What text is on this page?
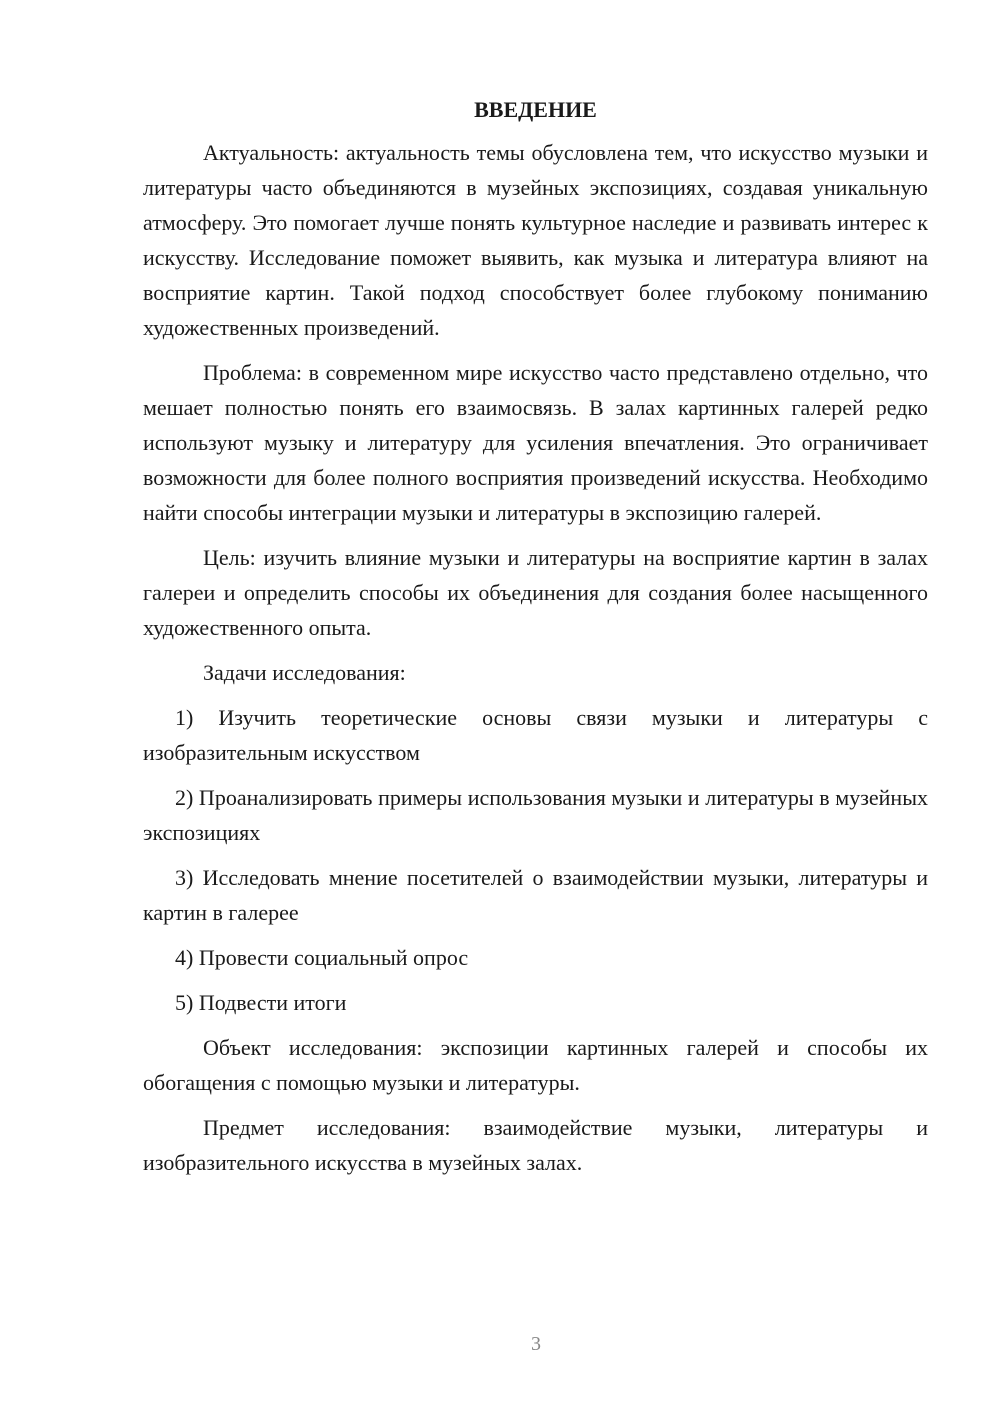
ВВЕДЕНИЕ

Актуальность: актуальность темы обусловлена тем, что искусство музыки и литературы часто объединяются в музейных экспозициях, создавая уникальную атмосферу. Это помогает лучше понять культурное наследие и развивать интерес к искусству. Исследование поможет выявить, как музыка и литература влияют на восприятие картин. Такой подход способствует более глубокому пониманию художественных произведений.

Проблема: в современном мире искусство часто представлено отдельно, что мешает полностью понять его взаимосвязь. В залах картинных галерей редко используют музыку и литературу для усиления впечатления. Это ограничивает возможности для более полного восприятия произведений искусства. Необходимо найти способы интеграции музыки и литературы в экспозицию галерей.

Цель: изучить влияние музыки и литературы на восприятие картин в залах галереи и определить способы их объединения для создания более насыщенного художественного опыта.

Задачи исследования:

1) Изучить теоретические основы связи музыки и литературы с изобразительным искусством

2) Проанализировать примеры использования музыки и литературы в музейных экспозициях

3) Исследовать мнение посетителей о взаимодействии музыки, литературы и картин в галерее

4) Провести социальный опрос

5) Подвести итоги

Объект исследования: экспозиции картинных галерей и способы их обогащения с помощью музыки и литературы.

Предмет исследования: взаимодействие музыки, литературы и изобразительного искусства в музейных залах.

3
